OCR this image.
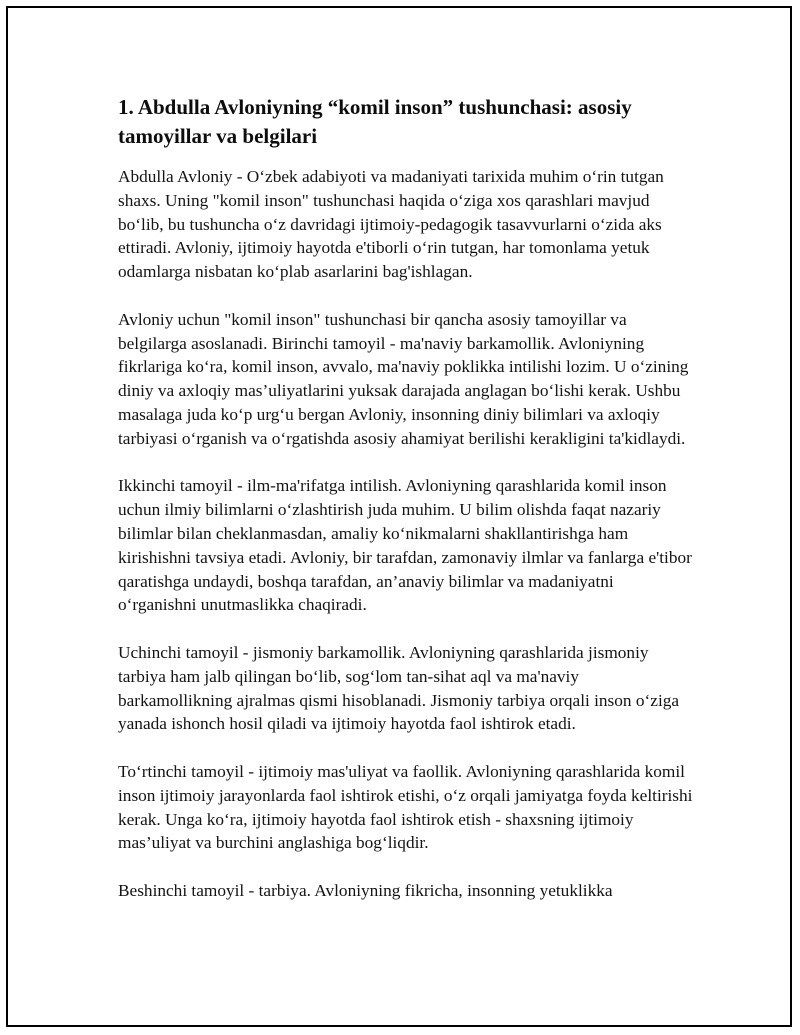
1. Abdulla Avloniyning “komil inson” tushunchasi: asosiy tamoyillar va belgilari

Abdulla Avloniy - O‘zbek adabiyoti va madaniyati tarixida muhim o‘rin tutgan shaxs. Uning "komil inson" tushunchasi haqida o‘ziga xos qarashlari mavjud bo‘lib, bu tushuncha o‘z davridagi ijtimoiy-pedagogik tasavvurlarni o‘zida aks ettiradi. Avloniy, ijtimoiy hayotda e'tiborli o‘rin tutgan, har tomonlama yetuk odamlarga nisbatan ko‘plab asarlarini bag'ishlagan.

Avloniy uchun "komil inson" tushunchasi bir qancha asosiy tamoyillar va belgilarga asoslanadi. Birinchi tamoyil - ma'naviy barkamollik. Avloniyning fikrlariga ko‘ra, komil inson, avvalo, ma'naviy poklikka intilishi lozim. U o‘zining diniy va axloqiy mas’uliyatlarini yuksak darajada anglagan bo‘lishi kerak. Ushbu masalaga juda ko‘p urg‘u bergan Avloniy, insonning diniy bilimlari va axloqiy tarbiyasi o‘rganish va o‘rgatishda asosiy ahamiyat berilishi kerakligini ta'kidlaydi.

Ikkinchi tamoyil - ilm-ma'rifatga intilish. Avloniyning qarashlarida komil inson uchun ilmiy bilimlarni o‘zlashtirish juda muhim. U bilim olishda faqat nazariy bilimlar bilan cheklanmasdan, amaliy ko‘nikmalarni shakllantirishga ham kirishishni tavsiya etadi. Avloniy, bir tarafdan, zamonaviy ilmlar va fanlarga e'tibor qaratishga undaydi, boshqa tarafdan, an’anaviy bilimlar va madaniyatni o‘rganishni unutmaslikka chaqiradi.

Uchinchi tamoyil - jismoniy barkamollik. Avloniyning qarashlarida jismoniy tarbiya ham jalb qilingan bo‘lib, sog‘lom tan-sihat aql va ma'naviy barkamollikning ajralmas qismi hisoblanadi. Jismoniy tarbiya orqali inson o‘ziga yanada ishonch hosil qiladi va ijtimoiy hayotda faol ishtirok etadi.

To‘rtinchi tamoyil - ijtimoiy mas'uliyat va faollik. Avloniyning qarashlarida komil inson ijtimoiy jarayonlarda faol ishtirok etishi, o‘z orqali jamiyatga foyda keltirishi kerak. Unga ko‘ra, ijtimoiy hayotda faol ishtirok etish - shaxsning ijtimoiy mas’uliyat va burchini anglashiga bog‘liqdir.

Beshinchi tamoyil - tarbiya. Avloniyning fikricha, insonning yetuklikka
